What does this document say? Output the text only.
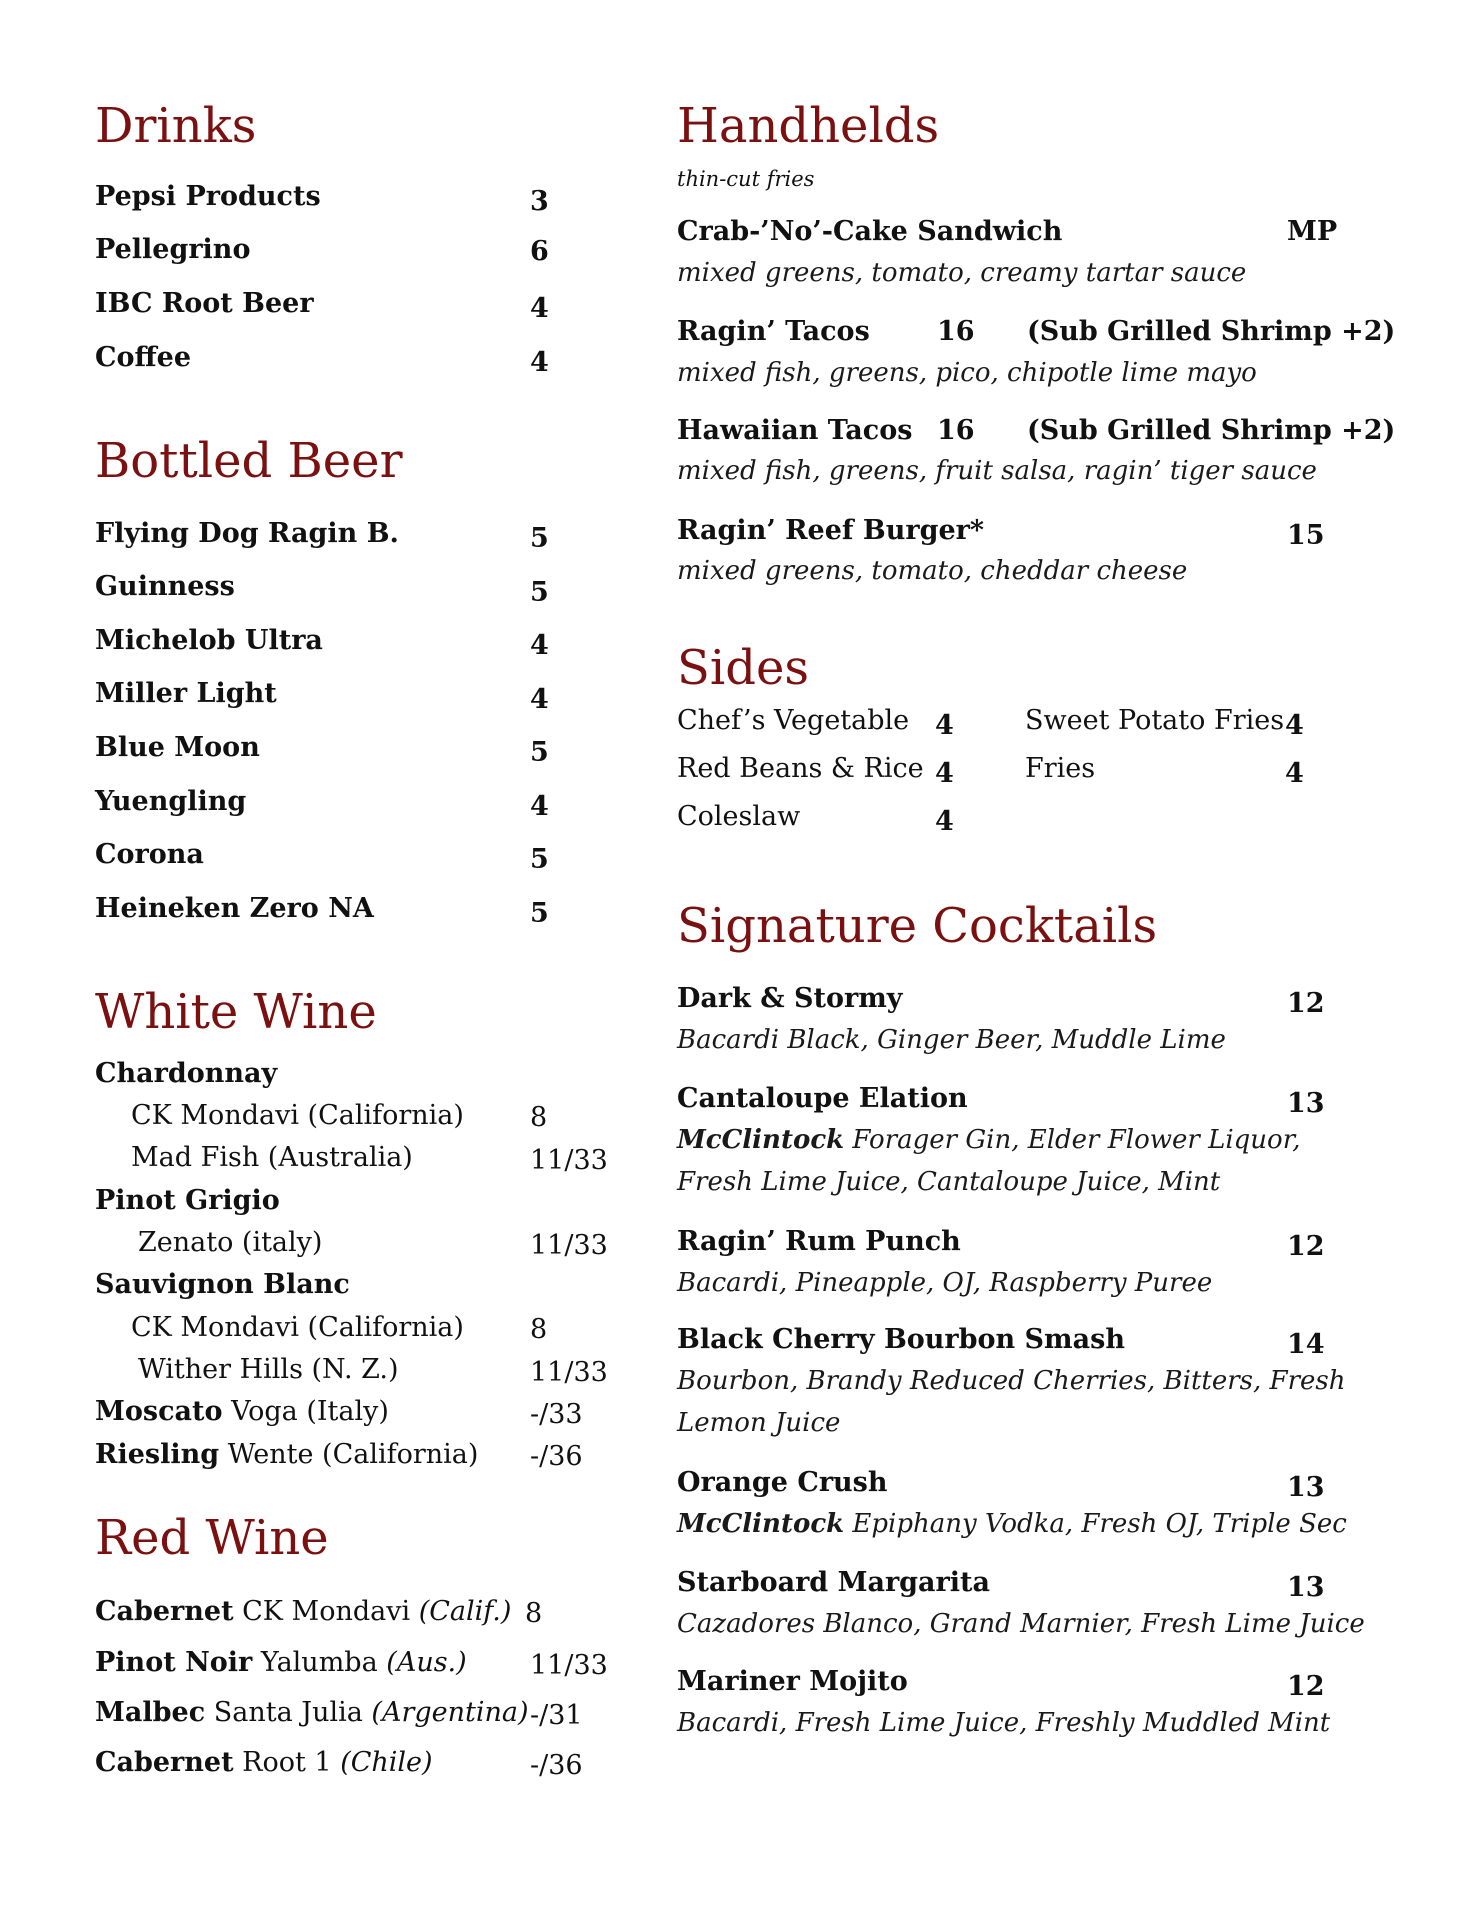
Drinks
Pepsi Products	3
Pellegrino	6
IBC Root Beer	4
Coffee	4
Bottled Beer
Flying Dog Ragin B.	5
Guinness	5
Michelob Ultra	4
Miller Light	4
Blue Moon	5
Yuengling	4
Corona	5
Heineken Zero NA	5
White Wine
Chardonnay
CK Mondavi (California) 8
Mad Fish (Australia)	11/33
Pinot Grigio
Zenato (italy)	11/33
Sauvignon Blanc
CK Mondavi (California) 8
Wither Hills (N. Z.)	11/33
Moscato Voga (Italy)	-/33
Riesling Wente (California) -/36
Red Wine
Cabernet CK Mondavi (Calif.) 8
Pinot Noir Yalumba (Aus.) 11/33
Malbec Santa Julia (Argentina) -/31
Cabernet Root 1 (Chile)	-/36
Handhelds
thin-cut fries
Crab-’No’-Cake Sandwich	MP
mixed greens, tomato, creamy tartar sauce
Ragin’ Tacos 16 (Sub Grilled Shrimp +2)
mixed fish, greens, pico, chipotle lime mayo
Hawaiian Tacos 16 (Sub Grilled Shrimp +2)
mixed fish, greens, fruit salsa, ragin’ tiger sauce
Ragin’ Reef Burger*	15
mixed greens, tomato, cheddar cheese
Sides
Chef’s Vegetable 4	Sweet Potato Fries 4
Red Beans & Rice 4	Fries	4
Coleslaw	4
Signature Cocktails
Dark & Stormy	12
Bacardi Black, Ginger Beer, Muddle Lime
Cantaloupe Elation	13
McClintock Forager Gin, Elder Flower Liquor,
Fresh Lime Juice, Cantaloupe Juice, Mint
Ragin’ Rum Punch	12
Bacardi, Pineapple, OJ, Raspberry Puree
Black Cherry Bourbon Smash	14
Bourbon, Brandy Reduced Cherries, Bitters, Fresh
Lemon Juice
Orange Crush	13
McClintock Epiphany Vodka, Fresh OJ, Triple Sec
Starboard Margarita	13
Cazadores Blanco, Grand Marnier, Fresh Lime Juice
Mariner Mojito	12
Bacardi, Fresh Lime Juice, Freshly Muddled Mint
